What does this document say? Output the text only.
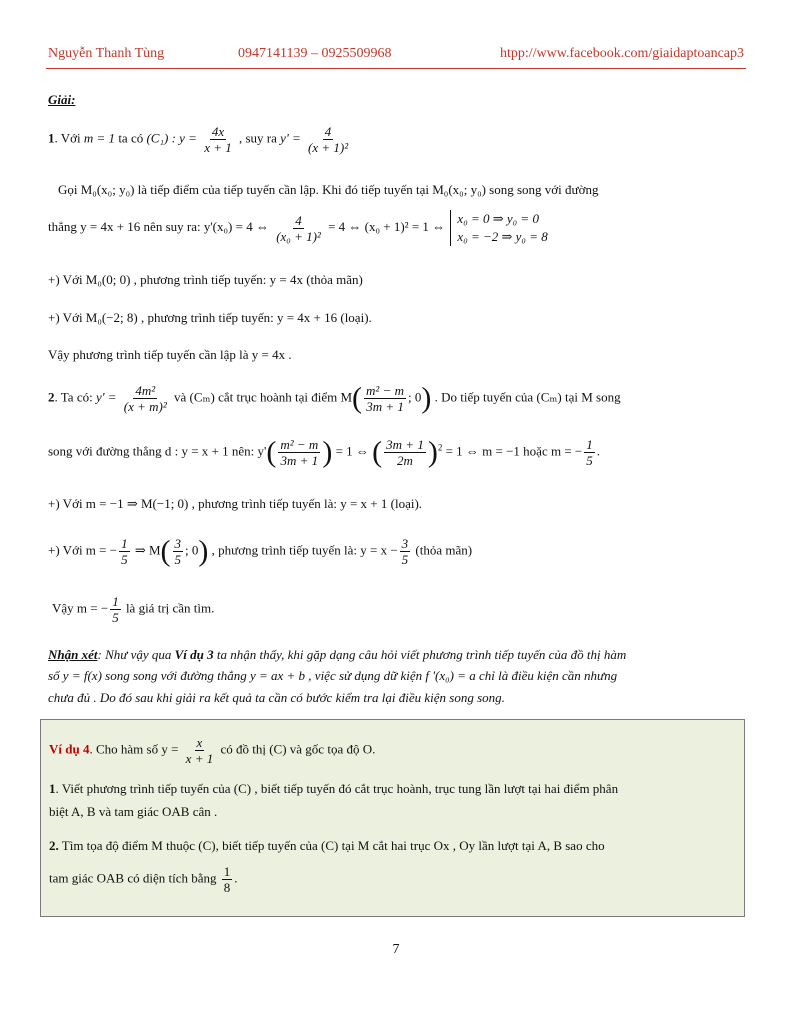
Nguyễn Thanh Tùng	0947141139 – 0925509968	htpp://www.facebook.com/giaidaptoancap3
Giải:
1. Với m = 1 ta có (C₁) : $y = \frac{4x}{x + 1}$ , suy ra $y' = \frac{4}{\text{(x + 1)²}}$
Gọi M₀(x₀; y₀) là tiếp điểm của tiếp tuyến cần lập. Khi đó tiếp tuyến tại M₀(x₀; y₀) song song với đường
thẳng y = 4x + 16 nên suy ra: y'(x₀) = 4 ⇔ $\frac{4}{\text{(x₀ + 1)²}} = 4$ ⇔ (x₀ + 1)² = 1 ⇔ x₀ = 0 ⇒ y₀ = 0
x₀ = −2 ⇒ y₀ = 8
+) Với M₀(0; 0) , phương trình tiếp tuyến: y = 4x (thỏa mãn)
+) Với M₀(−2; 8) , phương trình tiếp tuyến: y = 4x + 16 (loại).
Vậy phương trình tiếp tuyến cần lập là y = 4x .
2. Ta có: $y' = \frac{\text{4m²}}{\text{(x + m)²}}$ và (Cₘ) cắt trục hoành tại điểm $M( \frac{\text{m² − m}}{3m + 1}$ ; 0) . Do tiếp tuyến của (Cₘ) tại M song
song với đường thẳng d : y = x + 1 nên: $y'( \frac{\text{m² − m}}{3m + 1}$ ) = 1 ⇔ ( $\frac{3m + 1}{2m} )^2 = 1$ ⇔ m = −1 hoặc m = − $\frac{1}{5}$ .
+) Với m = −1 ⇒ M(−1; 0) , phương trình tiếp tuyến là: y = x + 1 (loại).
+) Với m = − $\frac{1}{5}$ ⇒ $M( \frac{3}{5}$ ; 0) , phương trình tiếp tuyến là: $y = x - \frac{3}{5}$ (thỏa mãn)
Vậy m = − $\frac{1}{5}$ là giá trị cần tìm.
Nhận xét: Như vậy qua Ví dụ 3 ta nhận thấy, khi gặp dạng câu hỏi viết phương trình tiếp tuyến của đồ thị hàm
số y = f(x) song song với đường thẳng y = ax + b , việc sử dụng dữ kiện f '(x₀) = a chỉ là điều kiện cần nhưng
chưa đủ . Do đó sau khi giải ra kết quả ta cần có bước kiểm tra lại điều kiện song song.
Ví dụ 4. Cho hàm số $y = \frac{x}{x + 1}$ có đồ thị (C) và gốc tọa độ O.
1. Viết phương trình tiếp tuyến của (C) , biết tiếp tuyến đó cắt trục hoành, trục tung lần lượt tại hai điểm phân
biệt A, B và tam giác OAB cân .
2. Tìm tọa độ điểm M thuộc (C), biết tiếp tuyến của (C) tại M cắt hai trục Ox , Oy lần lượt tại A, B sao cho
tam giác OAB có diện tích bằng $\frac{1}{8}$ .
7
